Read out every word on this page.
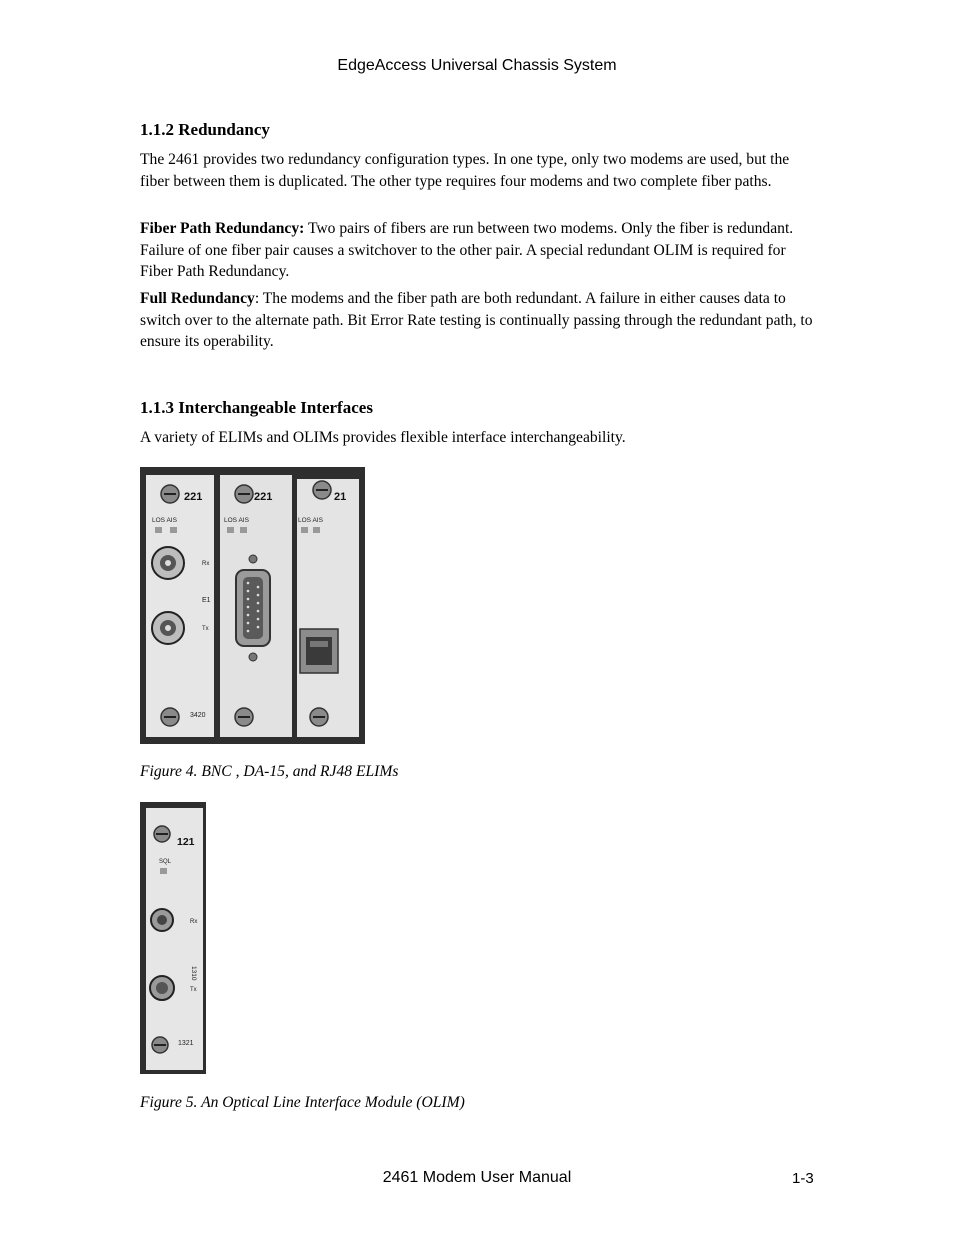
EdgeAccess Universal Chassis System
1.1.2 Redundancy

The 2461 provides two redundancy configuration types. In one type, only two modems are used, but the fiber between them is duplicated. The other type requires four modems and two complete fiber paths.

Fiber Path Redundancy: Two pairs of fibers are run between two modems. Only the fiber is redundant. Failure of one fiber pair causes a switchover to the other pair. A special redundant OLIM is required for Fiber Path Redundancy.

Full Redundancy: The modems and the fiber path are both redundant. A failure in either causes data to switch over to the alternate path. Bit Error Rate testing is continually passing through the redundant path, to ensure its operability.

1.1.3 Interchangeable Interfaces

A variety of ELIMs and OLIMs provides flexible interface interchangeability.

221
LOS AIS
Rx
E1
Tx
3420
221
LOS AIS
21
LOS AIS

Figure 4. BNC , DA-15, and RJ48 ELIMs

121
SQL
Rx
1310
Tx
1321

Figure 5. An Optical Line Interface Module (OLIM)

2461 Modem User Manual	1-3
